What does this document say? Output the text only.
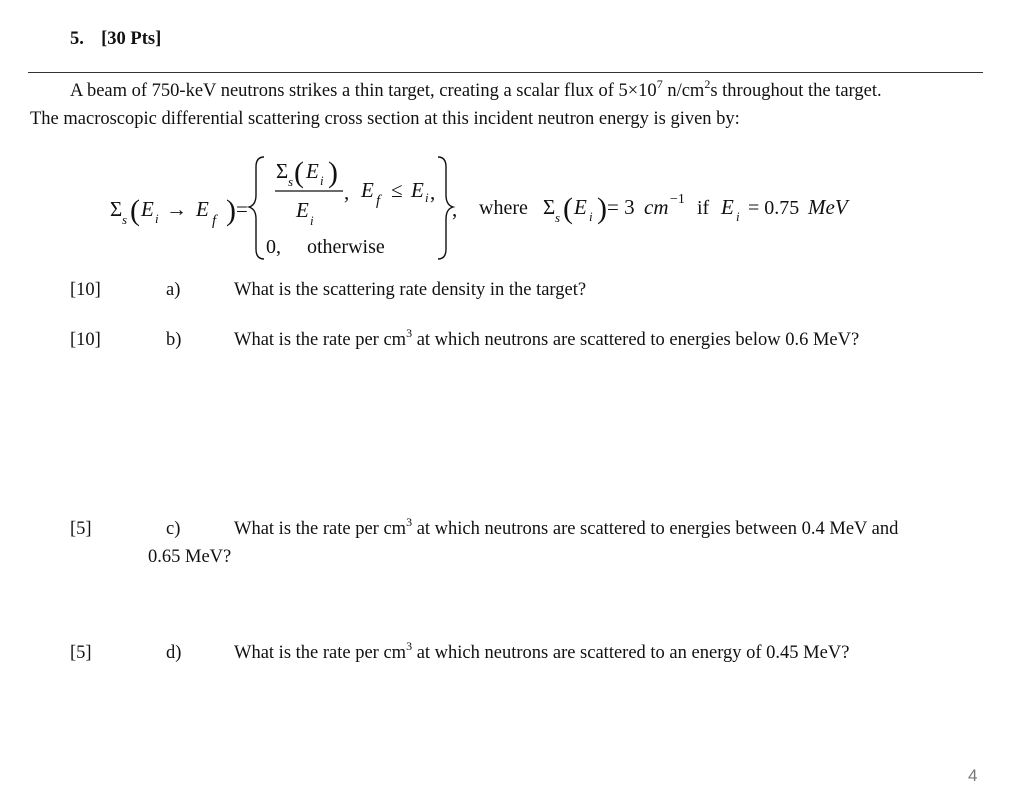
5. [30 Pts]
A beam of 750-keV neutrons strikes a thin target, creating a scalar flux of $5\times 10^7$ $n/cm^2s$ throughout the target.
The macroscopic differential scattering cross section at this incident neutron energy is given by:
Σ s ( E i → E f ) =
Σ s ( E i )
E i
, E f ≤ E i ,
0, otherwise
, where Σ s ( E i ) = 3 cm −1 if E i = 0.75 MeV
[10]	a)	What is the scattering rate density in the target?
[10]	b)	What is the rate per $cm^3$ at which neutrons are scattered to energies below 0.6 MeV?
[5]	c)	What is the rate per $cm^3$ at which neutrons are scattered to energies between 0.4 MeV and
0.65 MeV?
[5]	d)	What is the rate per $cm^3$ at which neutrons are scattered to an energy of 0.45 MeV?
4
